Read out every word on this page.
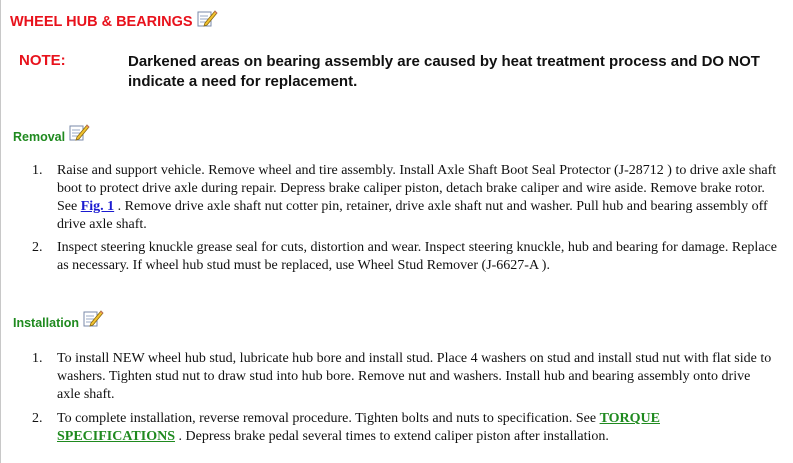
WHEEL HUB & BEARINGS
NOTE:	Darkened areas on bearing assembly are caused by heat treatment process and DO NOT indicate a need for replacement.
Removal
1. Raise and support vehicle. Remove wheel and tire assembly. Install Axle Shaft Boot Seal Protector (J-28712 ) to drive axle shaft boot to protect drive axle during repair. Depress brake caliper piston, detach brake caliper and wire aside. Remove brake rotor. See Fig. 1 . Remove drive axle shaft nut cotter pin, retainer, drive axle shaft nut and washer. Pull hub and bearing assembly off drive axle shaft.
2. Inspect steering knuckle grease seal for cuts, distortion and wear. Inspect steering knuckle, hub and bearing for damage. Replace as necessary. If wheel hub stud must be replaced, use Wheel Stud Remover (J-6627-A ).
Installation
1. To install NEW wheel hub stud, lubricate hub bore and install stud. Place 4 washers on stud and install stud nut with flat side to washers. Tighten stud nut to draw stud into hub bore. Remove nut and washers. Install hub and bearing assembly onto drive axle shaft.
2. To complete installation, reverse removal procedure. Tighten bolts and nuts to specification. See TORQUE SPECIFICATIONS . Depress brake pedal several times to extend caliper piston after installation.
